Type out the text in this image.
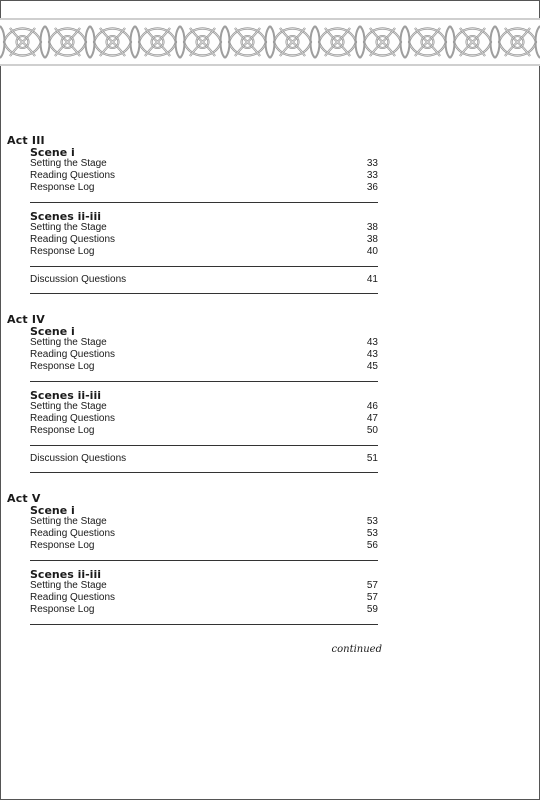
Act III
Scene i
Setting the Stage	33
Reading Questions	33
Response Log	36
Scenes ii-iii
Setting the Stage	38
Reading Questions	38
Response Log	40
Discussion Questions	41
Act IV
Scene i
Setting the Stage	43
Reading Questions	43
Response Log	45
Scenes ii-iii
Setting the Stage	46
Reading Questions	47
Response Log	50
Discussion Questions	51
Act V
Scene i
Setting the Stage	53
Reading Questions	53
Response Log	56
Scenes ii-iii
Setting the Stage	57
Reading Questions	57
Response Log	59
continued
